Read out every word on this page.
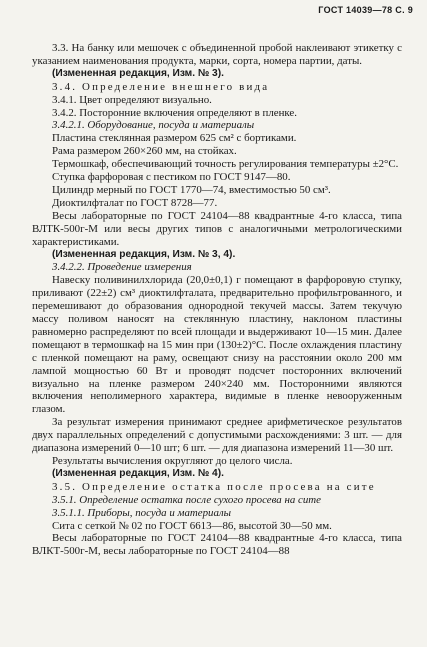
ГОСТ 14039—78 С. 9
3.3. На банку или мешочек с объединенной пробой наклеивают этикетку с указанием наименования продукта, марки, сорта, номера партии, даты.
(Измененная редакция, Изм. № 3).
3.4. Определение внешнего вида
3.4.1. Цвет определяют визуально.
3.4.2. Посторонние включения определяют в пленке.
3.4.2.1. Оборудование, посуда и материалы
Пластина стеклянная размером 625 см² с бортиками.
Рама размером 260×260 мм, на стойках.
Термошкаф, обеспечивающий точность регулирования температуры ±2°С.
Ступка фарфоровая с пестиком по ГОСТ 9147—80.
Цилиндр мерный по ГОСТ 1770—74, вместимостью 50 см³.
Диоктилфталат по ГОСТ 8728—77.
Весы лабораторные по ГОСТ 24104—88 квадрантные 4-го класса, типа ВЛТК-500г-М или весы других типов с аналогичными метрологическими характеристиками.
(Измененная редакция, Изм. № 3, 4).
3.4.2.2. Проведение измерения
Навеску поливинилхлорида (20,0±0,1) г помещают в фарфоровую ступку, приливают (22±2) см³ диоктилфталата, предварительно профильтрованного, и перемешивают до образования однородной текучей массы. Затем текучую массу поливом наносят на стеклянную пластину, наклоном пластины равномерно распределяют по всей площади и выдерживают 10—15 мин. Далее помещают в термошкаф на 15 мин при (130±2)°С. После охлаждения пластину с пленкой помещают на раму, освещают снизу на расстоянии около 200 мм лампой мощностью 60 Вт и проводят подсчет посторонних включений визуально на пленке размером 240×240 мм. Посторонними являются включения неполимерного характера, видимые в пленке невооруженным глазом.
За результат измерения принимают среднее арифметическое результатов двух параллельных определений с допустимыми расхождениями: 3 шт. — для диапазона измерений 0—10 шт; 6 шт. — для диапазона измерений 11—30 шт.
Результаты вычисления округляют до целого числа.
(Измененная редакция, Изм. № 4).
3.5. Определение остатка после просева на сите
3.5.1. Определение остатка после сухого просева на сите
3.5.1.1. Приборы, посуда и материалы
Сита с сеткой № 02 по ГОСТ 6613—86, высотой 30—50 мм.
Весы лабораторные по ГОСТ 24104—88 квадрантные 4-го класса, типа ВЛКТ-500г-М, весы лабораторные по ГОСТ 24104—88
